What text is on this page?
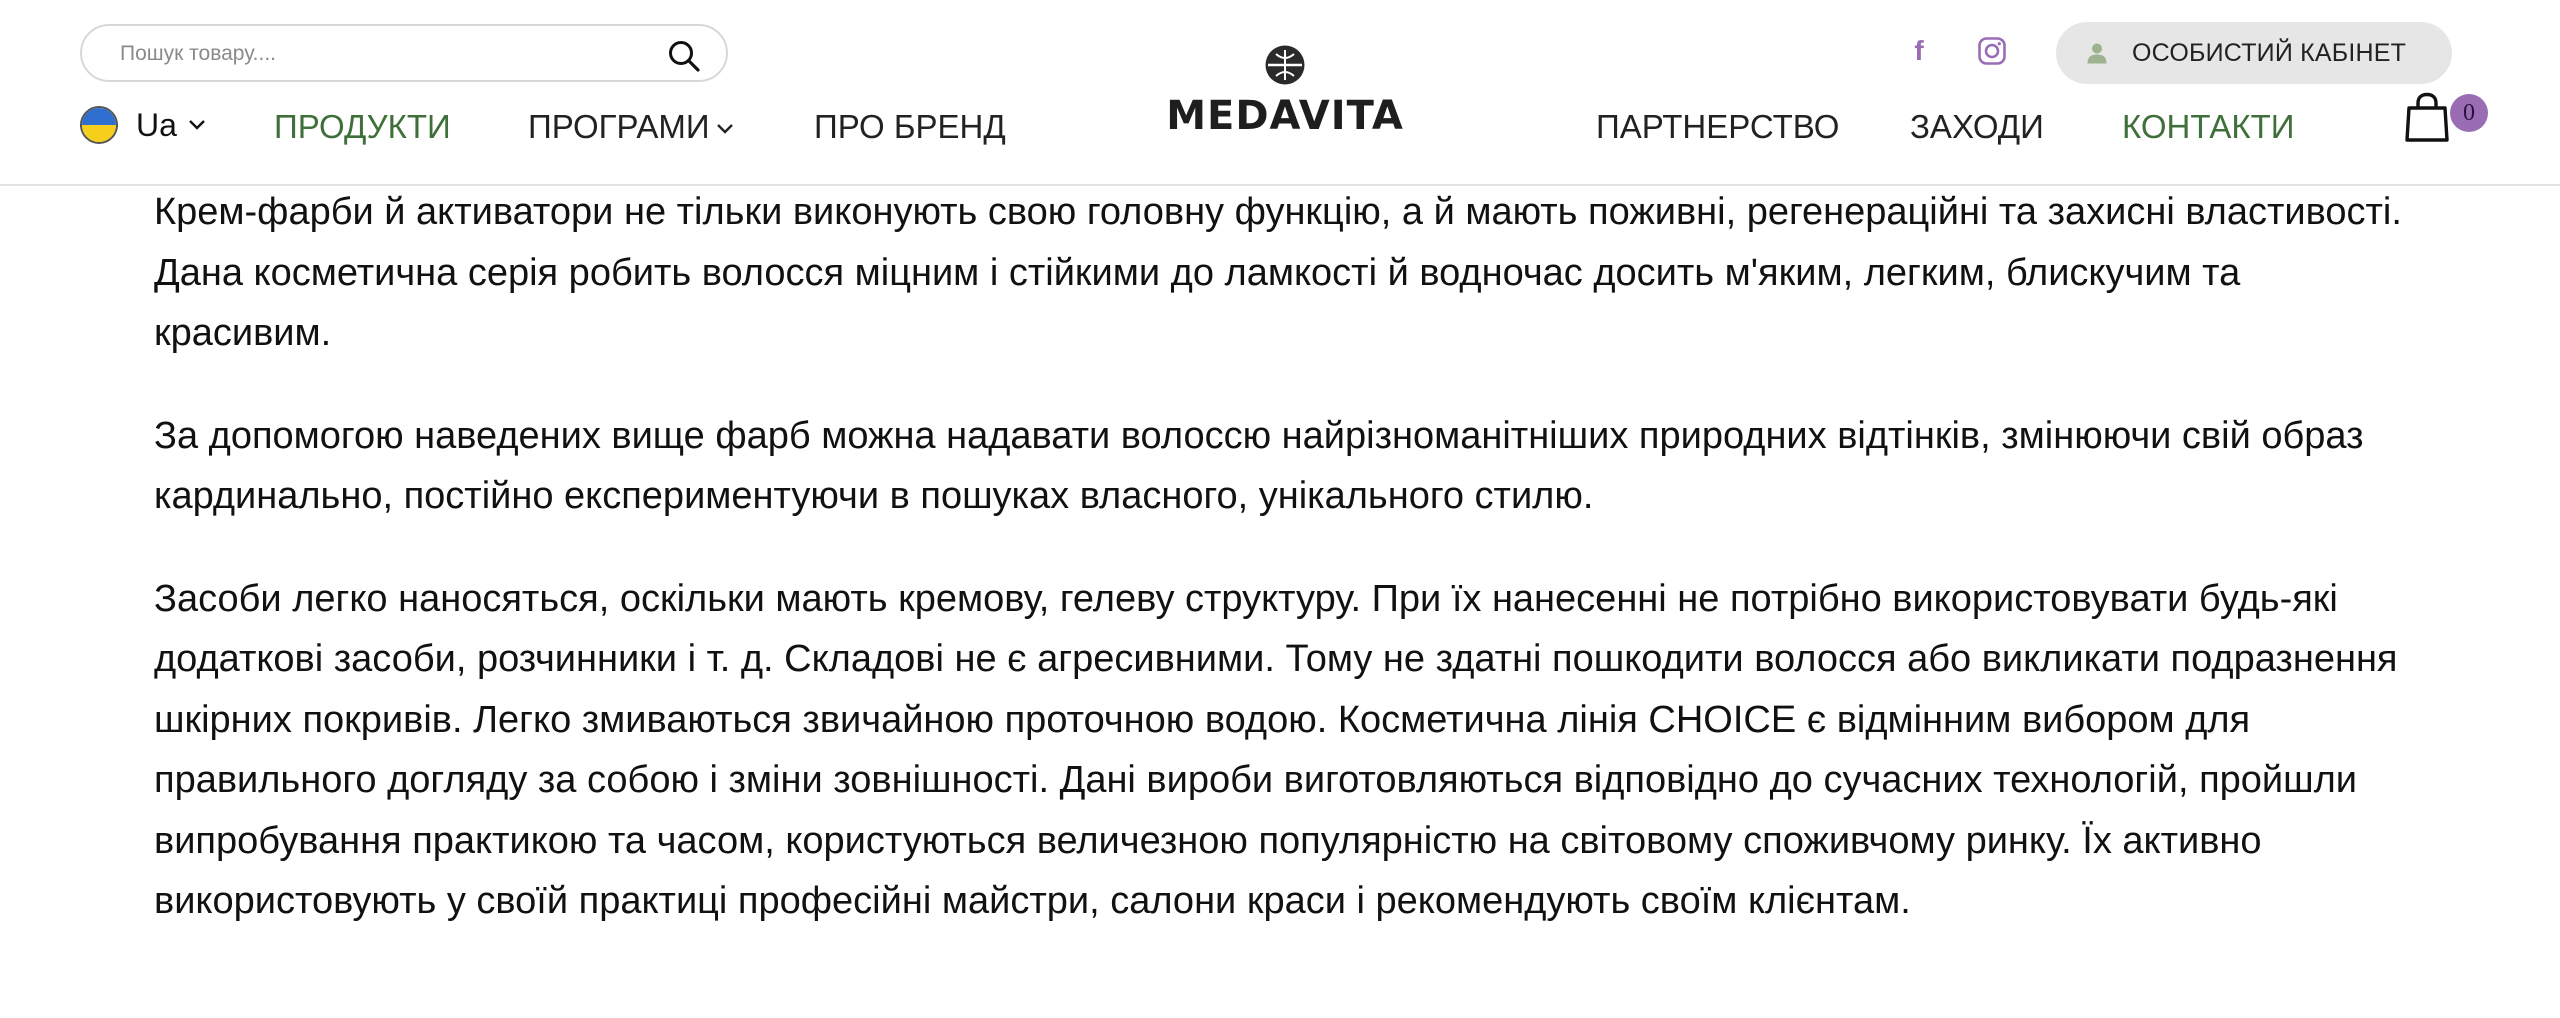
Крем-фарби й активатори не тільки виконують свою головну функцію, а й мають поживні, регенераційні та захисні властивості. Дана косметична серія робить волосся міцним і стійкими до ламкості й водночас досить м'яким, легким, блискучим та красивим.

За допомогою наведених вище фарб можна надавати волоссю найрізноманітніших природних відтінків, змінюючи свій образ кардинально, постійно експериментуючи в пошуках власного, унікального стилю.

Засоби легко наносяться, оскільки мають кремову, гелеву структуру. При їх нанесенні не потрібно використовувати будь-які додаткові засоби, розчинники і т. д. Складові не є агресивними. Тому не здатні пошкодити волосся або викликати подразнення шкірних покривів. Легко змиваються звичайною проточною водою. Косметична лінія CHOICE є відмінним вибором для правильного догляду за собою і зміни зовнішності. Дані вироби виготовляються відповідно до сучасних технологій, пройшли випробування практикою та часом, користуються величезною популярністю на світовому споживчому ринку. Їх активно використовують у своїй практиці професійні майстри, салони краси і рекомендують своїм клієнтам.

Пошук товару....
f	ОСОБИСТИЙ КАБІНЕТ
Ua	ПРОДУКТИ ПРОГРАМИ	ПРО БРЕНД	MEDAVITA	ПАРТНЕРСТВО ЗАХОДИ КОНТАКТИ	0
